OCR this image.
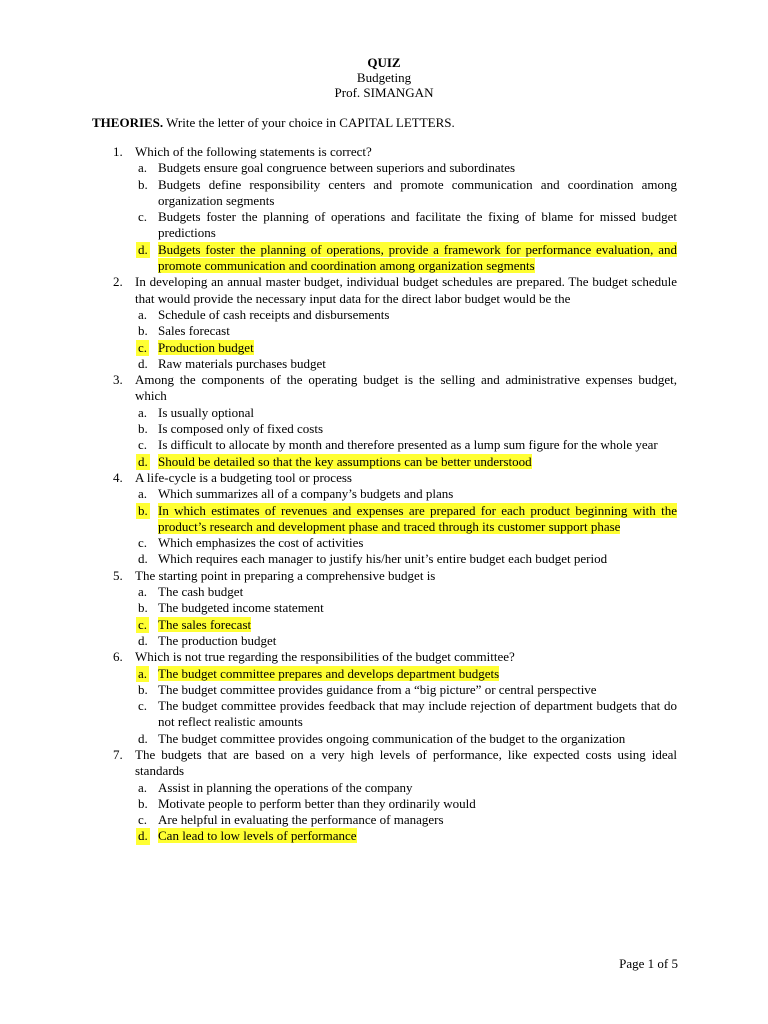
QUIZ
Budgeting
Prof. SIMANGAN
THEORIES. Write the letter of your choice in CAPITAL LETTERS.
1. Which of the following statements is correct?
a. Budgets ensure goal congruence between superiors and subordinates
b. Budgets define responsibility centers and promote communication and coordination among organization segments
c. Budgets foster the planning of operations and facilitate the fixing of blame for missed budget predictions
d. Budgets foster the planning of operations, provide a framework for performance evaluation, and promote communication and coordination among organization segments
2. In developing an annual master budget, individual budget schedules are prepared. The budget schedule that would provide the necessary input data for the direct labor budget would be the
a. Schedule of cash receipts and disbursements
b. Sales forecast
c. Production budget
d. Raw materials purchases budget
3. Among the components of the operating budget is the selling and administrative expenses budget, which
a. Is usually optional
b. Is composed only of fixed costs
c. Is difficult to allocate by month and therefore presented as a lump sum figure for the whole year
d. Should be detailed so that the key assumptions can be better understood
4. A life-cycle is a budgeting tool or process
a. Which summarizes all of a company’s budgets and plans
b. In which estimates of revenues and expenses are prepared for each product beginning with the product’s research and development phase and traced through its customer support phase
c. Which emphasizes the cost of activities
d. Which requires each manager to justify his/her unit’s entire budget each budget period
5. The starting point in preparing a comprehensive budget is
a. The cash budget
b. The budgeted income statement
c. The sales forecast
d. The production budget
6. Which is not true regarding the responsibilities of the budget committee?
a. The budget committee prepares and develops department budgets
b. The budget committee provides guidance from a “big picture” or central perspective
c. The budget committee provides feedback that may include rejection of department budgets that do not reflect realistic amounts
d. The budget committee provides ongoing communication of the budget to the organization
7. The budgets that are based on a very high levels of performance, like expected costs using ideal standards
a. Assist in planning the operations of the company
b. Motivate people to perform better than they ordinarily would
c. Are helpful in evaluating the performance of managers
d. Can lead to low levels of performance
Page 1 of 5
